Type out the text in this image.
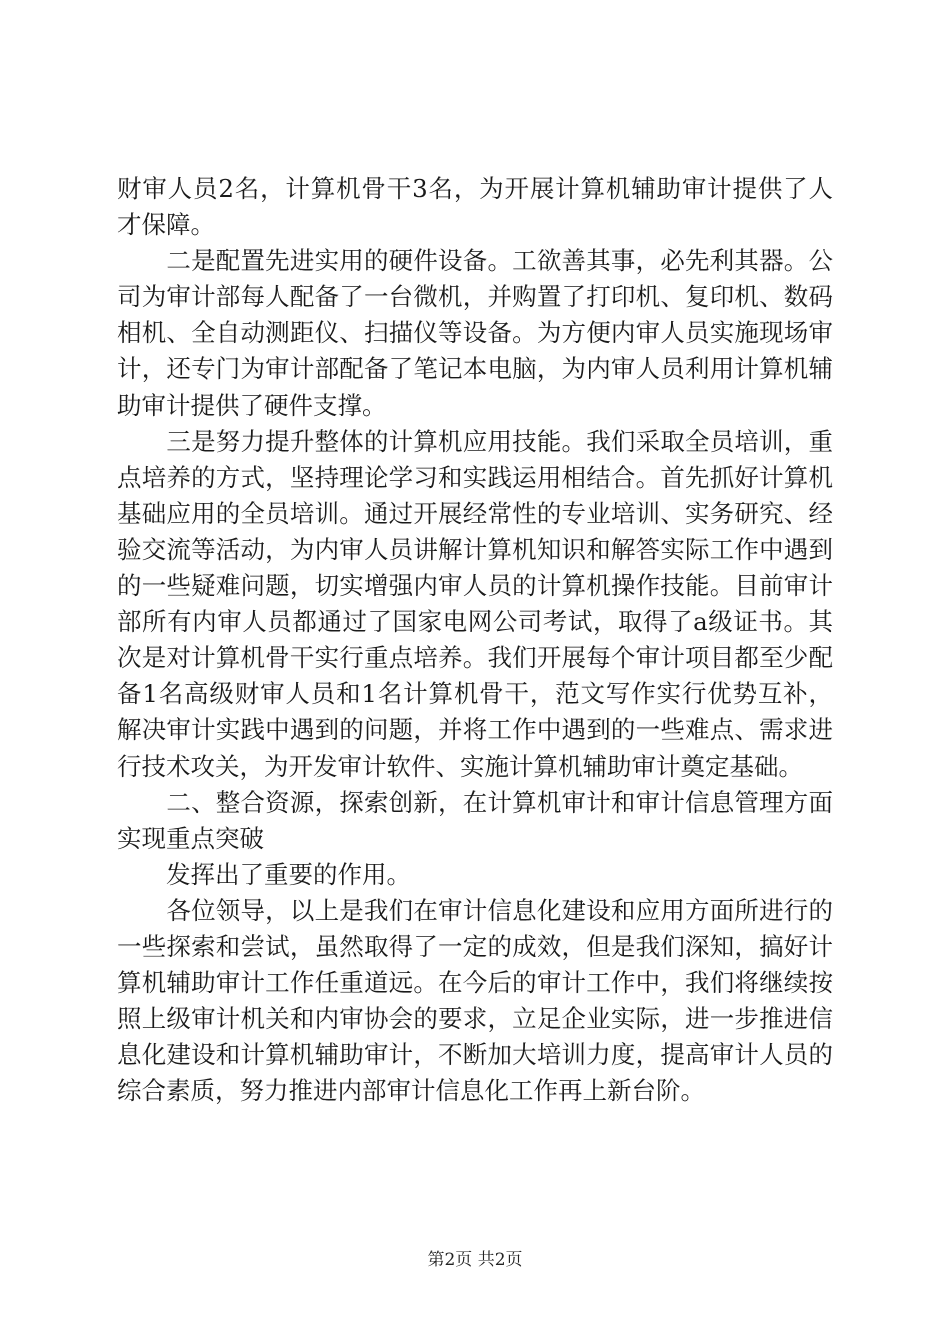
财审人员2名，计算机骨干3名，为开展计算机辅助审计提供了人才保障。

　　二是配置先进实用的硬件设备。工欲善其事，必先利其器。公司为审计部每人配备了一台微机，并购置了打印机、复印机、数码相机、全自动测距仪、扫描仪等设备。为方便内审人员实施现场审计，还专门为审计部配备了笔记本电脑，为内审人员利用计算机辅助审计提供了硬件支撑。

　　三是努力提升整体的计算机应用技能。我们采取全员培训，重点培养的方式，坚持理论学习和实践运用相结合。首先抓好计算机基础应用的全员培训。通过开展经常性的专业培训、实务研究、经验交流等活动，为内审人员讲解计算机知识和解答实际工作中遇到的一些疑难问题，切实增强内审人员的计算机操作技能。目前审计部所有内审人员都通过了国家电网公司考试，取得了a级证书。其次是对计算机骨干实行重点培养。我们开展每个审计项目都至少配备1名高级财审人员和1名计算机骨干，范文写作实行优势互补，解决审计实践中遇到的问题，并将工作中遇到的一些难点、需求进行技术攻关，为开发审计软件、实施计算机辅助审计奠定基础。

　　二、整合资源，探索创新，在计算机审计和审计信息管理方面实现重点突破

　　发挥出了重要的作用。

　　各位领导，以上是我们在审计信息化建设和应用方面所进行的一些探索和尝试，虽然取得了一定的成效，但是我们深知，搞好计算机辅助审计工作任重道远。在今后的审计工作中，我们将继续按照上级审计机关和内审协会的要求，立足企业实际，进一步推进信息化建设和计算机辅助审计，不断加大培训力度，提高审计人员的综合素质，努力推进内部审计信息化工作再上新台阶。

第2页 共2页
